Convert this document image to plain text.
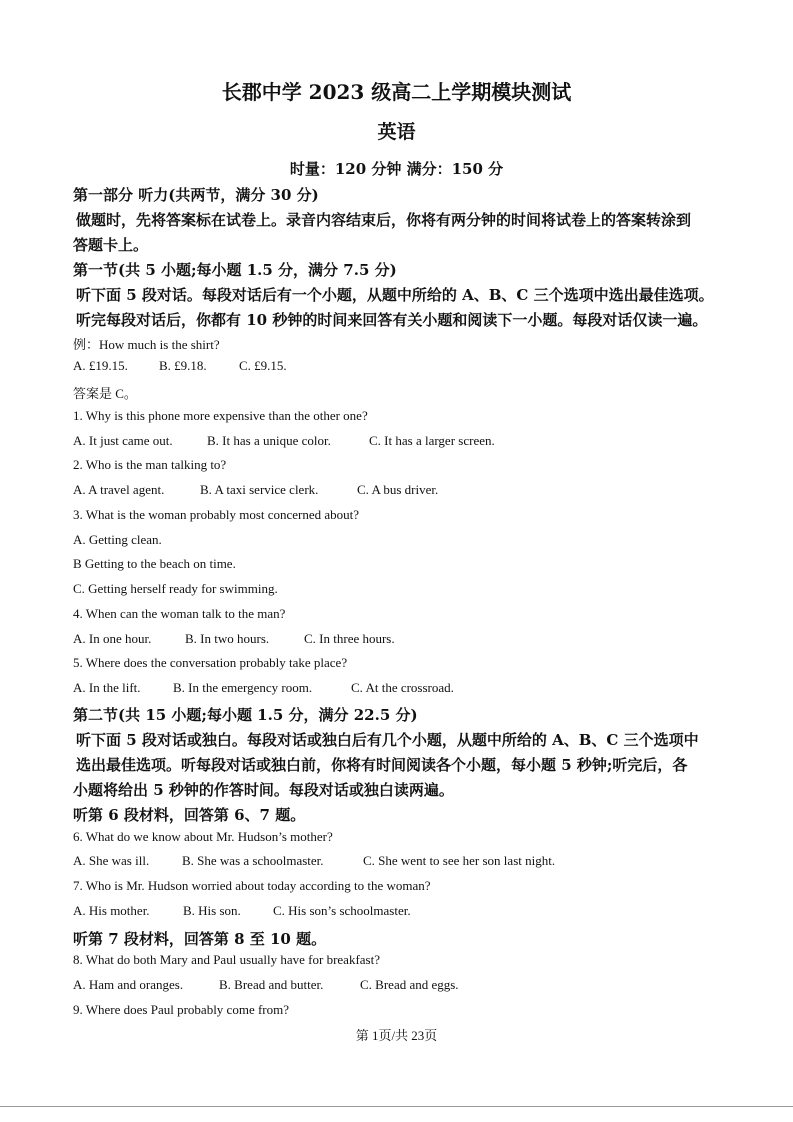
长郡中学 2023 级高二上学期模块测试
英语
时量：120 分钟 满分：150 分
第一部分 听力(共两节，满分 30 分)
做题时，先将答案标在试卷上。录音内容结束后，你将有两分钟的时间将试卷上的答案转涂到
答题卡上。
第一节(共 5 小题;每小题 1.5 分，满分 7.5 分)
听下面 5 段对话。每段对话后有一个小题，从题中所给的 A、B、C 三个选项中选出最佳选项。
听完每段对话后，你都有 10 秒钟的时间来回答有关小题和阅读下一小题。每段对话仅读一遍。
例：How much is the shirt?
A. £19.15. B. £9.18. C. £9.15.
答案是 C。
1. Why is this phone more expensive than the other one?
A. It just came out.	B. It has a unique color.	C. It has a larger screen.
2. Who is the man talking to?
A. A travel agent.	B. A taxi service clerk.	C. A bus driver.
3. What is the woman probably most concerned about?
A. Getting clean.
B Getting to the beach on time.
C. Getting herself ready for swimming.
4. When can the woman talk to the man?
A. In one hour.	B. In two hours.	C. In three hours.
5. Where does the conversation probably take place?
A. In the lift. B. In the emergency room.	C. At the crossroad.
第二节(共 15 小题;每小题 1.5 分，满分 22.5 分)
听下面 5 段对话或独白。每段对话或独白后有几个小题，从题中所给的 A、B、C 三个选项中
选出最佳选项。听每段对话或独白前，你将有时间阅读各个小题，每小题 5 秒钟;听完后，各
小题将给出 5 秒钟的作答时间。每段对话或独白读两遍。
听第 6 段材料，回答第 6、7 题。
6. What do we know about Mr. Hudson’s mother?
A. She was ill.	B. She was a schoolmaster.	C. She went to see her son last night.
7. Who is Mr. Hudson worried about today according to the woman?
A. His mother.	B. His son. C. His son’s schoolmaster.
听第 7 段材料，回答第 8 至 10 题。
8. What do both Mary and Paul usually have for breakfast?
A. Ham and oranges.	B. Bread and butter.	C. Bread and eggs.
9. Where does Paul probably come from?
第 1页/共 23页
